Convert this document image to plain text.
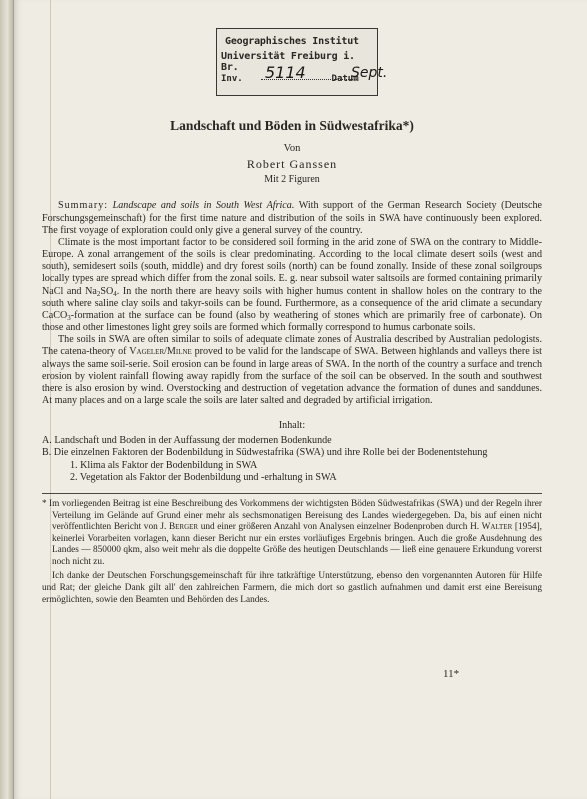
Geographisches Institut
Universität Freiburg i. Br.
Inv.	Datum
5114	Sept.
Landschaft und Böden in Südwestafrika*)
Von
Robert Ganssen
Mit 2 Figuren

Summary: Landscape and soils in South West Africa. With support of the German Research Society (Deutsche Forschungsgemeinschaft) for the first time nature and distribution of the soils in SWA have continuously been explored. The first voyage of exploration could only give a general survey of the country.

Climate is the most important factor to be considered soil forming in the arid zone of SWA on the contrary to Middle-Europe. A zonal arrangement of the soils is clear predominating. According to the local climate desert soils (west and south), semidesert soils (south, middle) and dry forest soils (north) can be found zonally. Inside of these zonal soilgroups locally types are spread which differ from the zonal soils. E. g. near subsoil water saltsoils are formed containing primarily NaCl and $Na_2SO_4$. In the north there are heavy soils with higher humus content in shallow holes on the contrary to the south where saline clay soils and takyr-soils can be found. Furthermore, as a consequence of the arid climate a secundary CaCO$_3$-formation at the surface can be found (also by weathering of stones which are primarily free of carbonate). On those and other limestones light grey soils are formed which formally correspond to humus carbonate soils.

The soils in SWA are often similar to soils of adequate climate zones of Australia described by Australian pedologists. The catena-theory of Vageler/Milne proved to be valid for the landscape of SWA. Between highlands and valleys there ist always the same soil-serie. Soil erosion can be found in large areas of SWA. In the north of the country a surface and trench erosion by violent rainfall flowing away rapidly from the surface of the soil can be observed. In the south and southwest there is also erosion by wind. Overstocking and destruction of vegetation advance the formation of dunes and sanddunes. At many places and on a large scale the soils are later salted and degraded by artificial irrigation.

Inhalt:

A. Landschaft und Boden in der Auffassung der modernen Bodenkunde

B. Die einzelnen Faktoren der Bodenbildung in Südwestafrika (SWA) und ihre Rolle bei der Bodenentstehung

1. Klima als Faktor der Bodenbildung in SWA

2. Vegetation als Faktor der Bodenbildung und -erhaltung in SWA

* Im vorliegenden Beitrag ist eine Beschreibung des Vorkommens der wichtigsten Böden Südwestafrikas (SWA) und der Regeln ihrer Verteilung im Gelände auf Grund einer mehr als sechsmonatigen Bereisung des Landes wiedergegeben. Da, bis auf einen nicht veröffentlichten Bericht von J. Berger und einer größeren Anzahl von Analysen einzelner Bodenproben durch H. Walter [1954], keinerlei Vorarbeiten vorlagen, kann dieser Bericht nur ein erstes vorläufiges Ergebnis bringen. Auch die große Ausdehnung des Landes — 850000 qkm, also weit mehr als die doppelte Größe des heutigen Deutschlands — ließ eine genauere Erkundung vorerst noch nicht zu.

Ich danke der Deutschen Forschungsgemeinschaft für ihre tatkräftige Unterstützung, ebenso den vorgenannten Autoren für Hilfe und Rat; der gleiche Dank gilt all' den zahlreichen Farmern, die mich dort so gastlich aufnahmen und damit erst eine Bereisung ermöglichten, sowie den Beamten und Behörden des Landes.

11*
